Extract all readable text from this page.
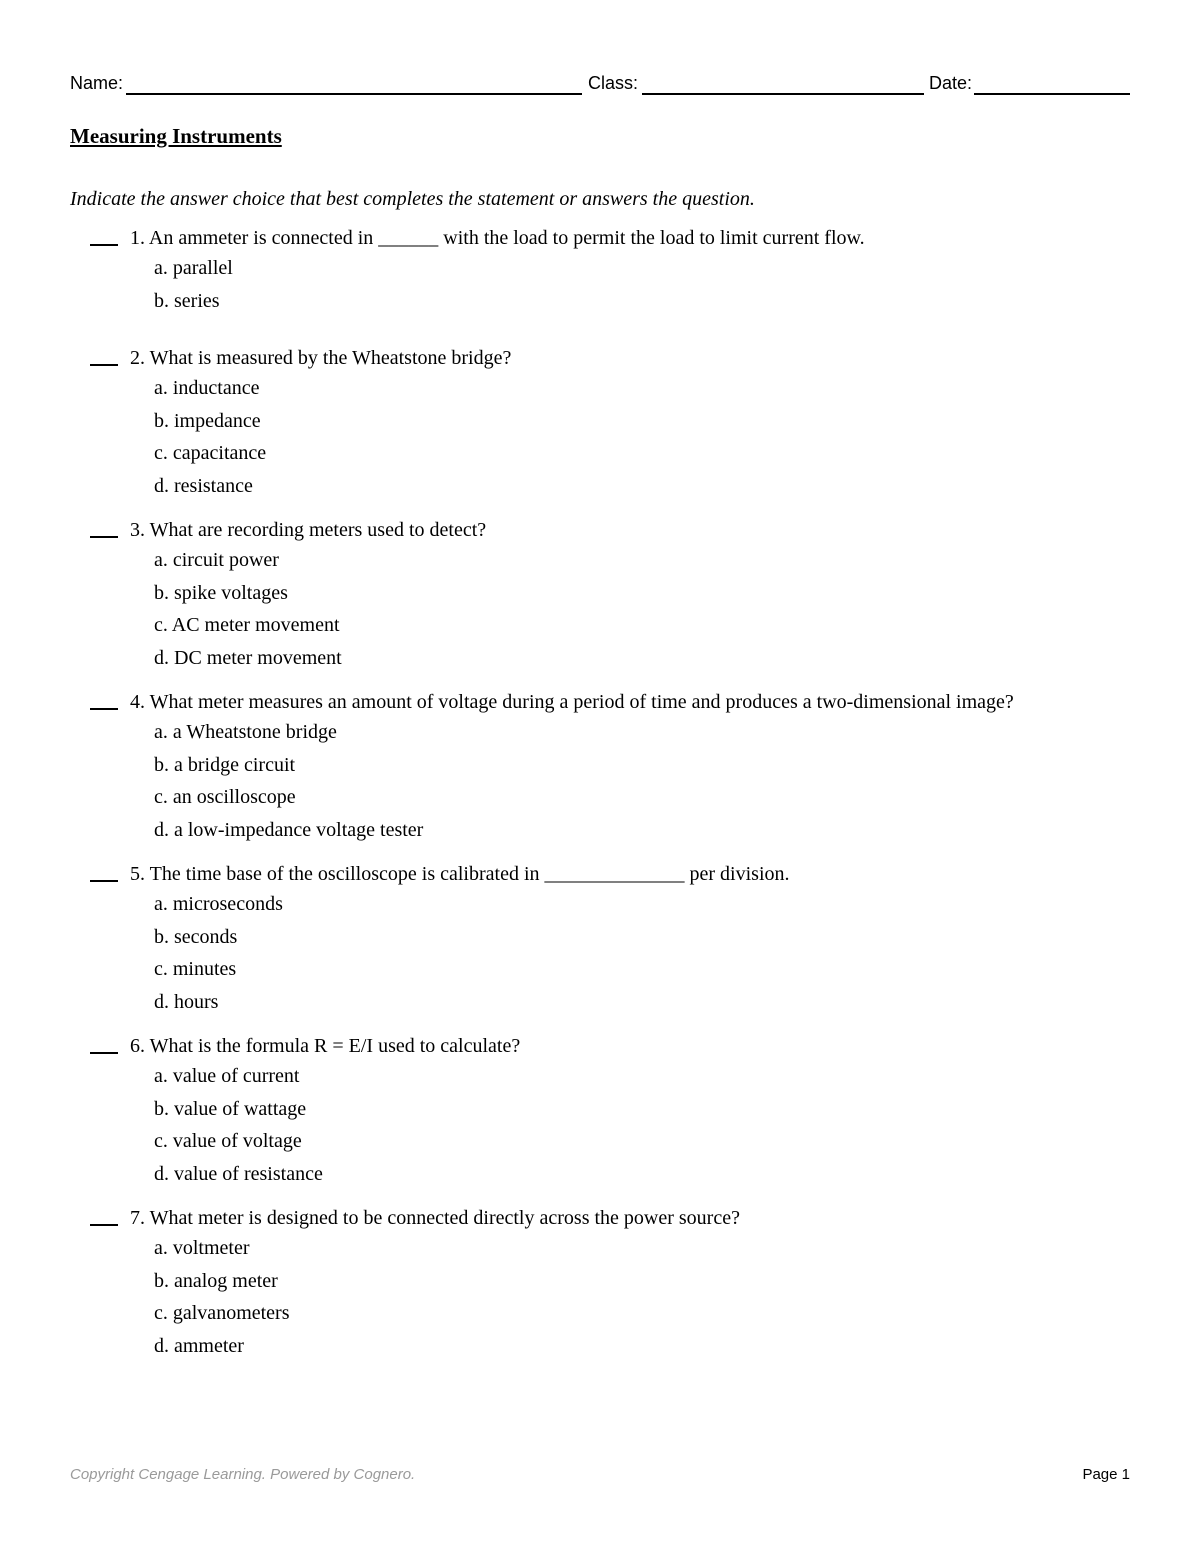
Name:	Class:	Date:
Measuring Instruments
Indicate the answer choice that best completes the statement or answers the question.
1. An ammeter is connected in ______ with the load to permit the load to limit current flow.
a. parallel
b. series
2. What is measured by the Wheatstone bridge?
a. inductance
b. impedance
c. capacitance
d. resistance
3. What are recording meters used to detect?
a. circuit power
b. spike voltages
c. AC meter movement
d. DC meter movement
4. What meter measures an amount of voltage during a period of time and produces a two-dimensional image?
a. a Wheatstone bridge
b. a bridge circuit
c. an oscilloscope
d. a low-impedance voltage tester
5. The time base of the oscilloscope is calibrated in ______________ per division.
a. microseconds
b. seconds
c. minutes
d. hours
6. What is the formula R = E/I used to calculate?
a. value of current
b. value of wattage
c. value of voltage
d. value of resistance
7. What meter is designed to be connected directly across the power source?
a. voltmeter
b. analog meter
c. galvanometers
d. ammeter
Copyright Cengage Learning. Powered by Cognero.	Page 1
